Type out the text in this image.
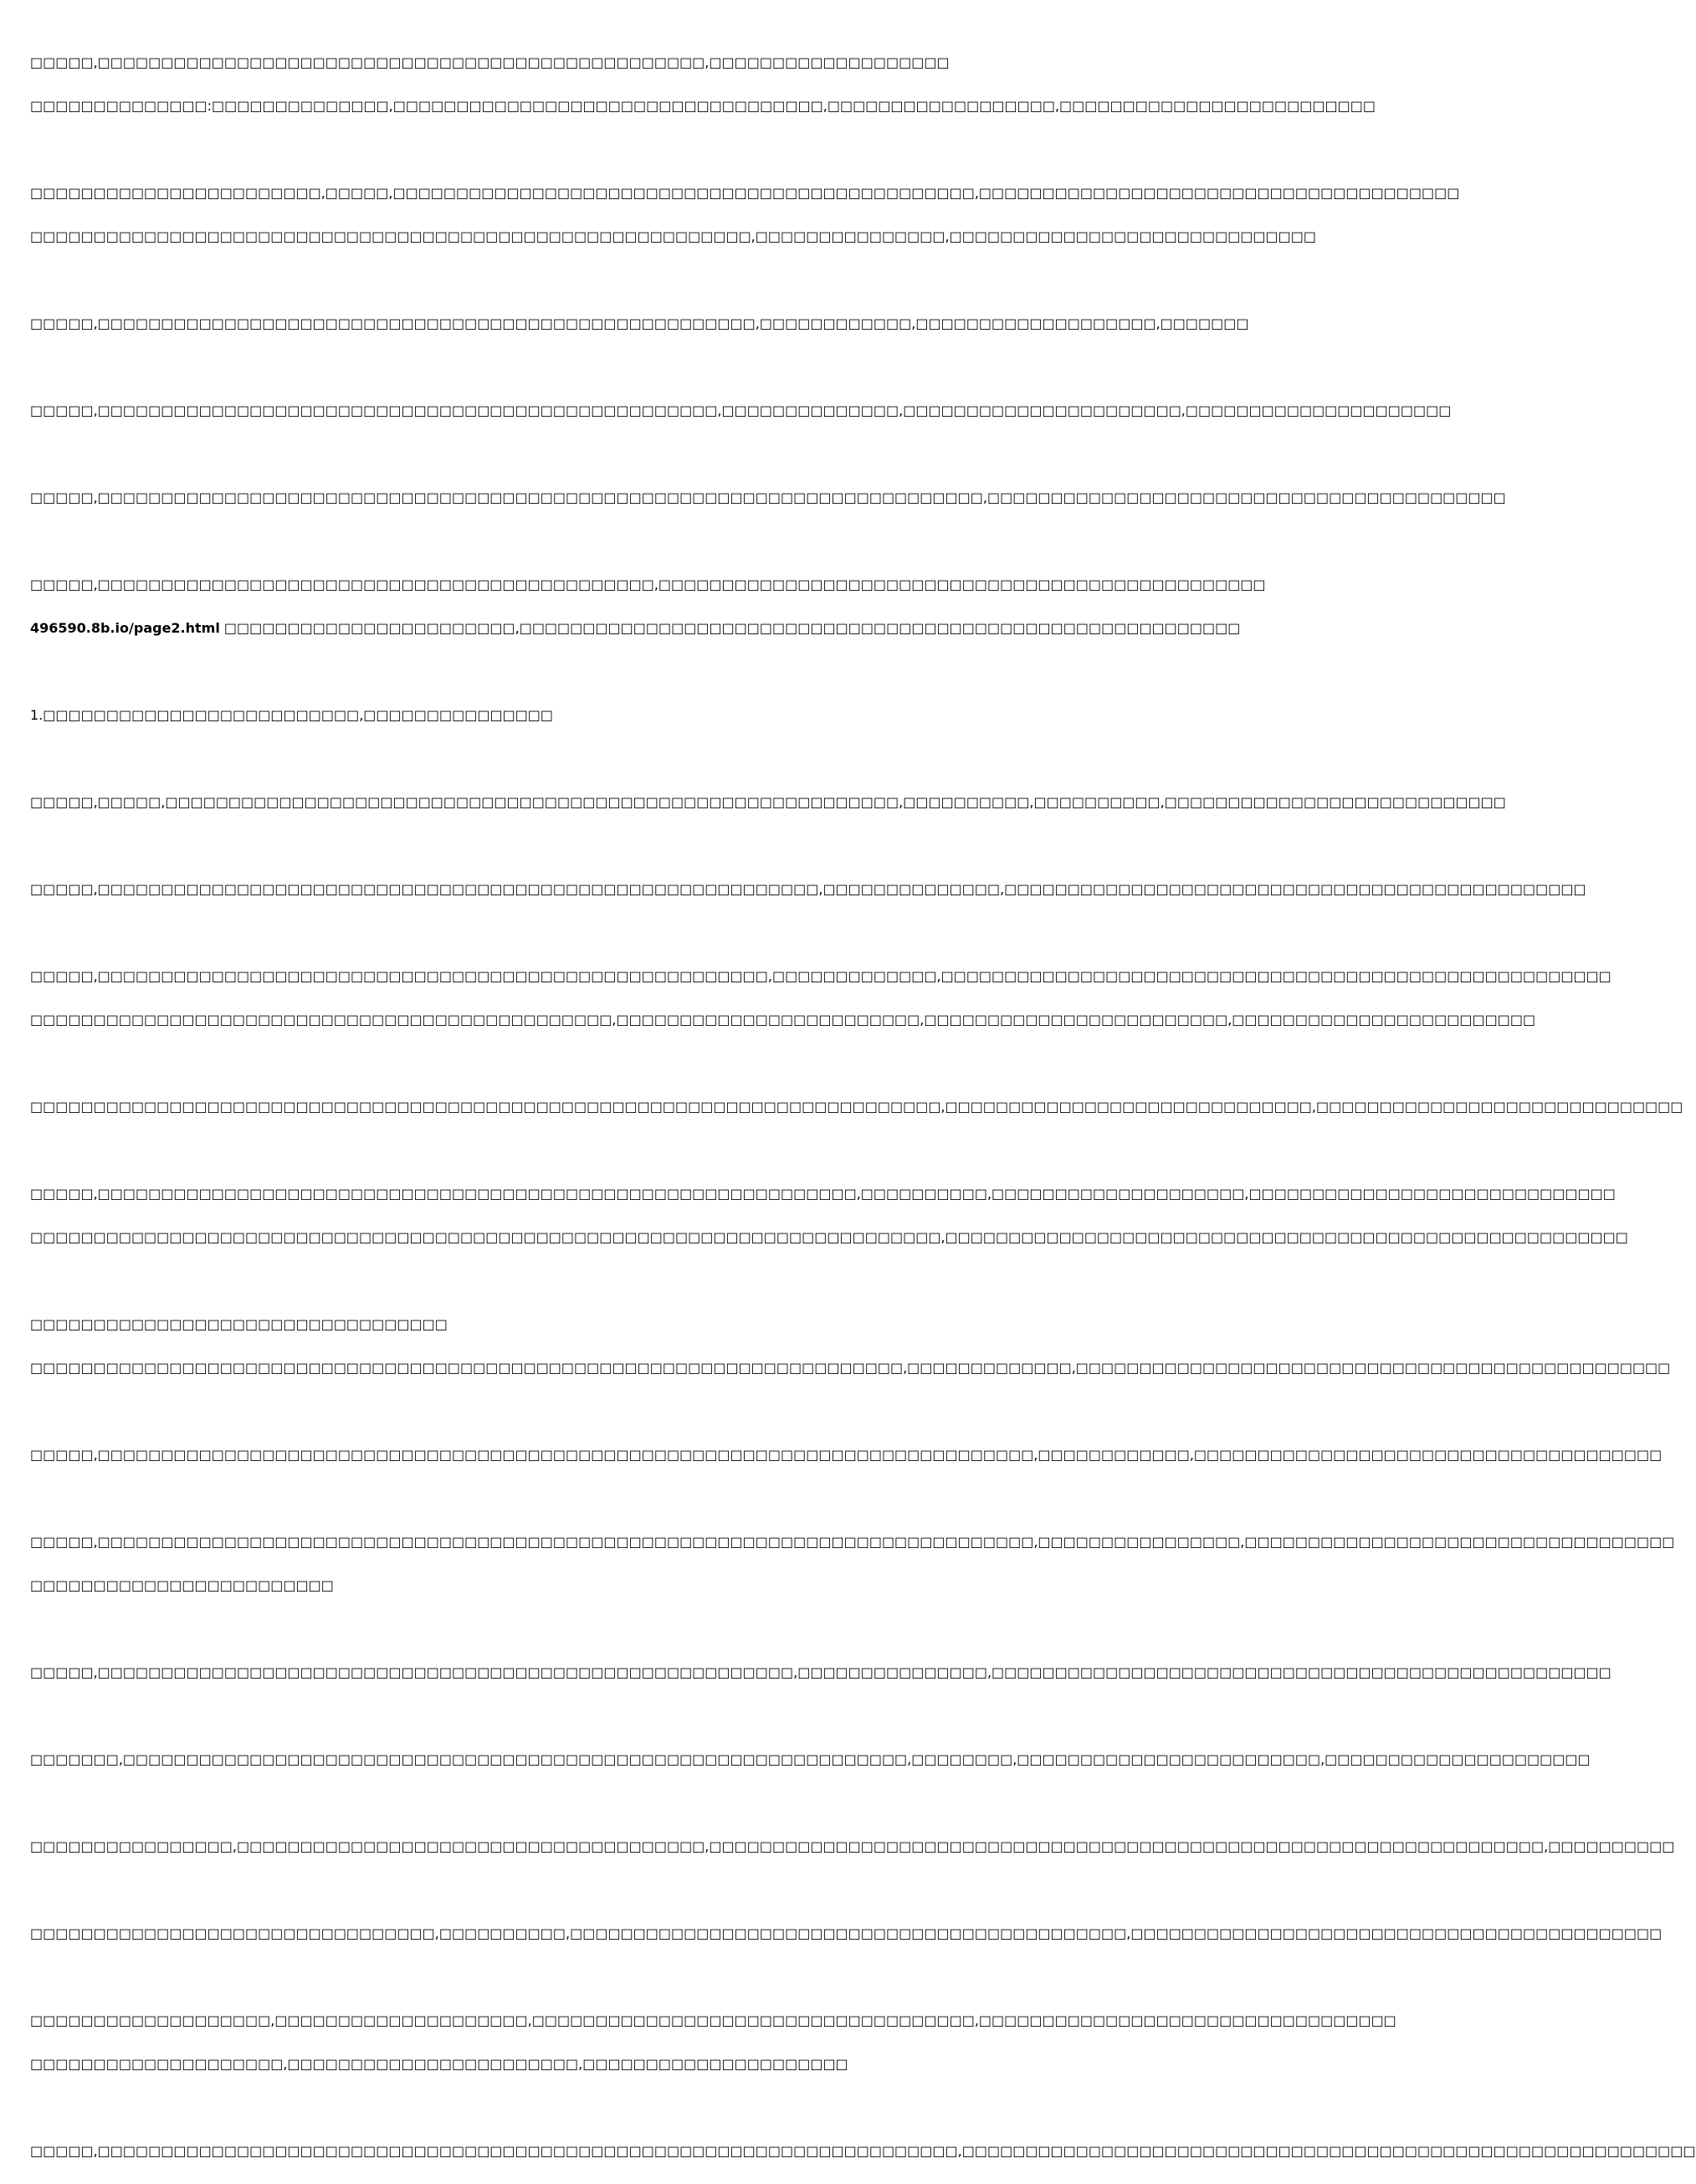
□□□□□,□□□□□□□□□□□□□□□□□□□□□□□□□□□□□□□□□□□□□□□□□□□□□□□□,□□□□□□□□□□□□□□□□□□□

□□□□□□□□□□□□□□:□□□□□□□□□□□□□□,□□□□□□□□□□□□□□□□□□□□□□□□□□□□□□□□□□,□□□□□□□□□□□□□□□□□□,□□□□□□□□□□□□□□□□□□□□□□□□□

□□□□□□□□□□□□□□□□□□□□□□□,□□□□□,□□□□□□□□□□□□□□□□□□□□□□□□□□□□□□□□□□□□□□□□□□□□□□,□□□□□□□□□□□□□□□□□□□□□□□□□□□□□□□□□□□□□□

□□□□□□□□□□□□□□□□□□□□□□□□□□□□□□□□□□□□□□□□□□□□□□□□□□□□□□□□□,□□□□□□□□□□□□□□□,□□□□□□□□□□□□□□□□□□□□□□□□□□□□□

□□□□□,□□□□□□□□□□□□□□□□□□□□□□□□□□□□□□□□□□□□□□□□□□□□□□□□□□□□,□□□□□□□□□□□□,□□□□□□□□□□□□□□□□□□□,□□□□□□□

□□□□□,□□□□□□□□□□□□□□□□□□□□□□□□□□□□□□□□□□□□□□□□□□□□□□□□□,□□□□□□□□□□□□□□,□□□□□□□□□□□□□□□□□□□□□□,□□□□□□□□□□□□□□□□□□□□□

□□□□□,□□□□□□□□□□□□□□□□□□□□□□□□□□□□□□□□□□□□□□□□□□□□□□□□□□□□□□□□□□□□□□□□□□□□□□,□□□□□□□□□□□□□□□□□□□□□□□□□□□□□□□□□□□□□□□□□

□□□□□,□□□□□□□□□□□□□□□□□□□□□□□□□□□□□□□□□□□□□□□□□□□□,□□□□□□□□□□□□□□□□□□□□□□□□□□□□□□□□□□□□□□□□□□□□□□□□

496590.8b.io/page2.html □□□□□□□□□□□□□□□□□□□□□□□,□□□□□□□□□□□□□□□□□□□□□□□□□□□□□□□□□□□□□□□□□□□□□□□□□□□□□□□□□

1.□□□□□□□□□□□□□□□□□□□□□□□□□,□□□□□□□□□□□□□□□

□□□□□,□□□□□,□□□□□□□□□□□□□□□□□□□□□□□□□□□□□□□□□□□□□□□□□□□□□□□□□□□□□□□□□□,□□□□□□□□□□,□□□□□□□□□□,□□□□□□□□□□□□□□□□□□□□□□□□□□□

□□□□□,□□□□□□□□□□□□□□□□□□□□□□□□□□□□□□□□□□□□□□□□□□□□□□□□□□□□□□□□□,□□□□□□□□□□□□□□,□□□□□□□□□□□□□□□□□□□□□□□□□□□□□□□□□□□□□□□□□□□□□□

□□□□□,□□□□□□□□□□□□□□□□□□□□□□□□□□□□□□□□□□□□□□□□□□□□□□□□□□□□□,□□□□□□□□□□□□□,□□□□□□□□□□□□□□□□□□□□□□□□□□□□□□□□□□□□□□□□□□□□□□□□□□□□□

□□□□□□□□□□□□□□□□□□□□□□□□□□□□□□□□□□□□□□□□□□□□□□,□□□□□□□□□□□□□□□□□□□□□□□□,□□□□□□□□□□□□□□□□□□□□□□□□,□□□□□□□□□□□□□□□□□□□□□□□□

□□□□□□□□□□□□□□□□□□□□□□□□□□□□□□□□□□□□□□□□□□□□□□□□□□□□□□□□□□□□□□□□□□□□□□□□,□□□□□□□□□□□□□□□□□□□□□□□□□□□□□,□□□□□□□□□□□□□□□□□□□□□□□□□□□□□

□□□□□,□□□□□□□□□□□□□□□□□□□□□□□□□□□□□□□□□□□□□□□□□□□□□□□□□□□□□□□□□□□□,□□□□□□□□□□,□□□□□□□□□□□□□□□□□□□□,□□□□□□□□□□□□□□□□□□□□□□□□□□□□□

□□□□□□□□□□□□□□□□□□□□□□□□□□□□□□□□□□□□□□□□□□□□□□□□□□□□□□□□□□□□□□□□□□□□□□□□,□□□□□□□□□□□□□□□□□□□□□□□□□□□□□□□□□□□□□□□□□□□□□□□□□□□□□□

□□□□□□□□□□□□□□□□□□□□□□□□□□□□□□□□□

□□□□□□□□□□□□□□□□□□□□□□□□□□□□□□□□□□□□□□□□□□□□□□□□□□□□□□□□□□□□□□□□□□□□□,□□□□□□□□□□□□□,□□□□□□□□□□□□□□□□□□□□□□□□□□□□□□□□□□□□□□□□□□□□□□□

□□□□□,□□□□□□□□□□□□□□□□□□□□□□□□□□□□□□□□□□□□□□□□□□□□□□□□□□□□□□□□□□□□□□□□□□□□□□□□□□,□□□□□□□□□□□□,□□□□□□□□□□□□□□□□□□□□□□□□□□□□□□□□□□□□□

□□□□□,□□□□□□□□□□□□□□□□□□□□□□□□□□□□□□□□□□□□□□□□□□□□□□□□□□□□□□□□□□□□□□□□□□□□□□□□□□,□□□□□□□□□□□□□□□□,□□□□□□□□□□□□□□□□□□□□□□□□□□□□□□□□□□

□□□□□□□□□□□□□□□□□□□□□□□□

□□□□□,□□□□□□□□□□□□□□□□□□□□□□□□□□□□□□□□□□□□□□□□□□□□□□□□□□□□□□□,□□□□□□□□□□□□□□□,□□□□□□□□□□□□□□□□□□□□□□□□□□□□□□□□□□□□□□□□□□□□□□□□□

□□□□□□□,□□□□□□□□□□□□□□□□□□□□□□□□□□□□□□□□□□□□□□□□□□□□□□□□□□□□□□□□□□□□□□,□□□□□□□□,□□□□□□□□□□□□□□□□□□□□□□□□,□□□□□□□□□□□□□□□□□□□□□

□□□□□□□□□□□□□□□□,□□□□□□□□□□□□□□□□□□□□□□□□□□□□□□□□□□□□□,□□□□□□□□□□□□□□□□□□□□□□□□□□□□□□□□□□□□□□□□□□□□□□□□□□□□□□□□□□□□□□□□□□,□□□□□□□□□□

□□□□□□□□□□□□□□□□□□□□□□□□□□□□□□□□,□□□□□□□□□□,□□□□□□□□□□□□□□□□□□□□□□□□□□□□□□□□□□□□□□□□□□□□,□□□□□□□□□□□□□□□□□□□□□□□□□□□□□□□□□□□□□□□□□□

□□□□□□□□□□□□□□□□□□□,□□□□□□□□□□□□□□□□□□□□,□□□□□□□□□□□□□□□□□□□□□□□□□□□□□□□□□□□,□□□□□□□□□□□□□□□□□□□□□□□□□□□□□□□□□

□□□□□□□□□□□□□□□□□□□□,□□□□□□□□□□□□□□□□□□□□□□□,□□□□□□□□□□□□□□□□□□□□□

□□□□□,□□□□□□□□□□□□□□□□□□□□□□□□□□□□□□□□□□□□□□□□□□□□□□□□□□□□□□□□□□□□□□□□□□□□,□□□□□□□□□□□□□□□□□□□□□□□□□□□□□□□□□□□□□□□□□□□□□□□□□□□□□□□□□□
